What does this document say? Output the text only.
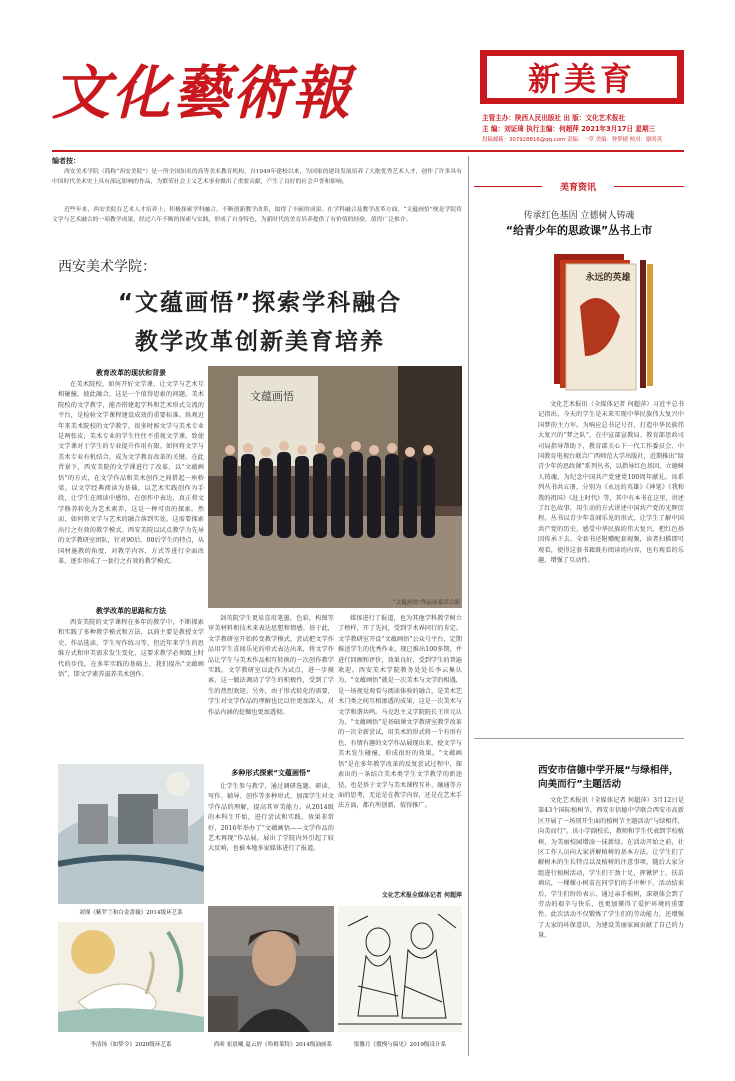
文化藝術報	新美育
主管主办：陕西人民出版社 出 版：文化艺术报社
主 编：刘证琦 执行主编：何超萍 2021年3月17日 星期三
投稿邮箱：307928816@qq.com 责编：一草 美编：钟梦捷 校对：谢尚英
编者按：
西安美术学院（简称“西安美院”）是一所全国知名的高等美术教育机构，自1949年建校以来，为国家的建设发展培养了大批优秀艺术人才，创作了许多具有中国时代美术史上具有深远影响的作品，为繁荣社会主义艺术事业做出了重要贡献，产生了良好的社会声誉和影响。
近些年来，西安美院在艺术人才培养上，积极探索学科融合，不断创新教学改革，取得了丰硕的成果。在学科融合及教学改革方面，“文蕴画悟”便是学院将文学与艺术融合的一项教学成果，经过六年不断的探索与实践，形成了自身特色，为新时代的美育培养提供了有价值的经验，值得广泛推介。
西安美术学院：
“文蕴画悟”探索学科融合
教学改革创新美育培养
教育改革的现状和背景
在美术院校，如何开好文学课，让文学与艺术互相碰撞，彼此融合，这是一个值得思索的问题。美术院校的文学教学，能否搭建起学科和艺术形式交流的平台，是检验文学课程建设成效的重要标准。纵观近年来美术院校的文学教学，很多时候文学与美术专业是两张皮，美术专业的学生往往不重视文学课，致使文学课对于学生的专业提升作用有限。如何将文学与美术专业有机结合，成为文学教育改革的关键。在此背景下，西安美院的文学课进行了改革，以“文蕴画悟”的方式，在文学作品和美术创作之间搭起一座桥梁。以文学经典阅读为基础，以艺术实践创作为手段，让学生在阅读中感悟，在创作中表达，真正将文学修养转化为艺术素养，这是一种可贵的探索。然而，如何将文学与艺术的融合落到实处，这需要探索出行之有效的教学模式。西安美院以试点教学为先导的文学教研室团队，针对90后、00后学生的特点，从国材施教的角度，对教学内容、方式等进行全面改革，逐步形成了一套行之有效的教学模式。
教学改革的思路和方法
西安美院的文学课程在多年的教学中，不断探索和实践了多种教学模式和方法，以前主要是教授文学史、作品选读，学生写作练习等，但近年来学生的思维方式和审美需求发生变化，这要求教学必须跟上时代的步伐。在多年实践的基础上，我们提出“文蕴画悟”，即文学素养滋养美术创作。
文蕴画悟
“文蕴画悟”作品展嘉宾合影
剑英院学生更易喜用笔墨，色彩，构图等审美材料和技术来表达思想和情感。基于此，文学教研室开始转变教学模式，尝试把文学作品用学生喜闻乐见的形式表达出来，将文学作品让学生与美术作品相互转换的一次创作教学实践。文学教研室以此作为试点，进一步摸索，这一做法调动了学生的积极性，受到了学生的热烈欢迎。另外，由于形式转化的需要，学生对文学作品的理解也比以往更加深入，对作品内涵的挖掘也更加透彻。
多种形式探索“文蕴画悟”
让学生参与教学，通过调研选题、研读、写作、辅导、创作等多种形式，加深学生对文学作品的理解，提高其审美能力。从2014级的本科生开始，进行尝试和实践，效果非常好，2016年举办了“文蕴画悟——文学作品的艺术再现”作品展，展出了学院内外引起了较大反响，也被本地多家媒体进行了报道。
媒体进行了报道，也为其他学科教学树立了榜样，开了先河，受到学术界同行的肯定。文学教研室开设“文蕴画悟”公众号平台，定期推送学生的优秀作业，现已推出100多期，并进行回顾和评价，效果良好，受到学生的普遍欢迎。西安美术学院教务处处长李云集认为，“文蕴画悟”就是一次美术与文学的相遇，是一场视觉观看与阅读体验的融合，是美术艺术门类之间互相渗透的成果，这是一次美术与文学和谐共鸣。马克思主义学院院长王世元认为，“文蕴画悟”是基础课文学教研室教学改革的一次全新尝试，用美术的形式将一个有形有色、有情有趣的文学作品展现出来，使文学与美术发生碰撞，形成很好的效果。“文蕴画悟”是在多年教学改革的反复尝试过程中，探索出的一条结合美术类学生文学教学的新途径，也是基于文学与美术课程互补、融通等方面的思考，无论是在教学内容，还是在艺术手法方面，都有所创新，值得推广。
文化艺术报全媒体记者 何超萍
刘瑾《紫罗兰和白金蔷薇》2014级环艺系
李清扬《如梦令》2020级环艺系	尚昕 崔晨曦 夏云婷《哈姆莱特》2014级油画系	梁馨月《傲慢与偏见》2019级设计系
美育资讯
传承红色基因 立德树人铸魂
“给青少年的思政课”丛书上市
永远的英雄
文化艺术报讯（全媒体记者 何超萍）习近平总书记指出，今天的学生是未来实现中华民族伟大复兴中国梦的主力军。为响应总书记号召，打造中华民族伟大复兴的“梦之队”，在中宣部宣教局、教育部思政司司局指导帮助下，教育部关心下一代工作委员会、中国教育电视台联合广西师范大学出版社，近期推出“给青少年的思政课”系列丛书，以指导红色基因，立德树人铸魂，为纪念中国共产党建党100周年献礼。该系列丛书共五册，分别为《永远的英雄》《神笔》《我和我的祖国》《赶上时代》等，其中有本书在这里，讲述了红色故事，用生动的方式讲述中国共产党的光辉历程。丛书以青少年喜闻乐见的形式，让学生了解中国共产党的历史，感受中华民族的伟大复兴，把红色基因传承下去。全套书还附赠配套视频，读者扫描即可观看，使得这套书籍既有阅读的内容，也有观看的乐趣，增强了互动性。
西安市信德中学开展“与绿相伴，向美而行”主题活动
文化艺术报讯（全媒体记者 何超萍）3月12日是第43个国际植树节，西安市信德中学联合西安市高新区开展了一场别开生面的植树节主题活动“与绿相伴，向美而行”。该小学副校长，教师和学生代表到学校植树，为美丽校园增添一抹新绿。在活动开始之前，社区工作人员向大家讲解植树的基本方法，让学生们了解树木的生长特点以及植树的注意事项。随后大家分组进行植树活动，学生们干劲十足，挥锹铲土、扶苗填坑，一棵棵小树苗在同学们的手中种下。活动结束后，学生们纷纷表示，通过亲手植树，深刻体会到了劳动的艰辛与快乐，也更加懂得了爱护环境的重要性。此次活动不仅锻炼了学生们的劳动能力，还增强了大家的环保意识，为建设美丽家园贡献了自己的力量。
